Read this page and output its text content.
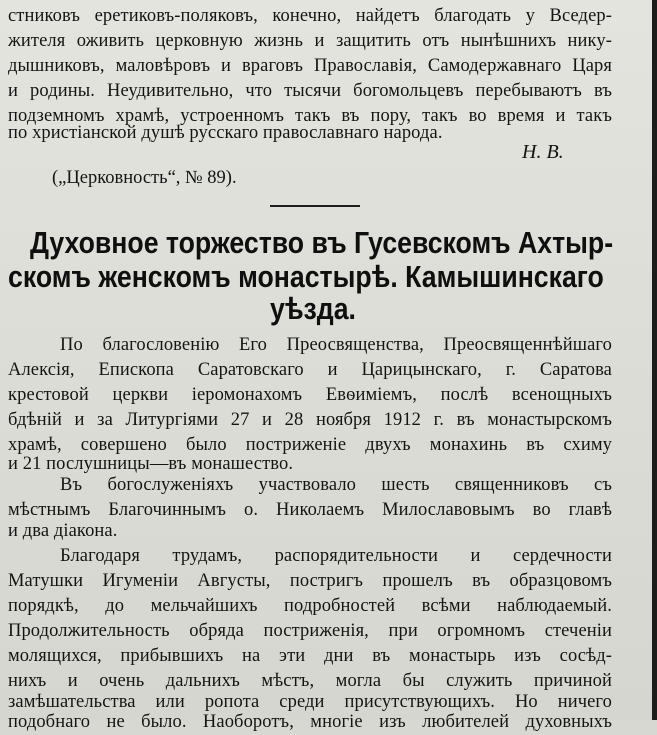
стниковъ еретиковъ-поляковъ, конечно, найдетъ благодать у Вседер-
жителя оживить церковную жизнь и защитить отъ нынѣшнихъ нику-
дышниковъ, маловѣровъ и враговъ Православія, Самодержавнаго Царя
и родины. Неудивительно, что тысячи богомольцевъ перебываютъ въ
подземномъ храмѣ, устроенномъ такъ въ пору, такъ во время и такъ
по христіанской душѣ русскаго православнаго народа.
Н. В.
(„Церковность“, № 89).
Духовное торжество въ Гусевскомъ Ахтыр-
скомъ женскомъ монастырѣ. Камышинскаго
уѣзда.
По благословенію Его Преосвященства, Преосвященнѣйшаго
Алексія, Епископа Саратовскаго и Царицынскаго, г. Саратова
крестовой церкви іеромонахомъ Евѳиміемъ, послѣ всенощныхъ
бдѣній и за Литургіями 27 и 28 ноября 1912 г. въ монастырскомъ
храмѣ, совершено было постриженіе двухъ монахинь въ схиму
и 21 послушницы—въ монашество.
Въ богослуженіяхъ участвовало шесть священниковъ съ
мѣстнымъ Благочиннымъ о. Николаемъ Милославовымъ во главѣ
и два діакона.
Благодаря трудамъ, распорядительности и сердечности
Матушки Игуменіи Августы, постригъ прошелъ въ образцовомъ
порядкѣ, до мельчайшихъ подробностей всѣми наблюдаемый.
Продолжительность обряда постриженія, при огромномъ стеченіи
молящихся, прибывшихъ на эти дни въ монастырь изъ сосѣд-
нихъ и очень дальнихъ мѣстъ, могла бы служить причиной
замѣшательства или ропота среди присутствующихъ. Но ничего
подобнаго не было. Наоборотъ, многіе изъ любителей духовныхъ
